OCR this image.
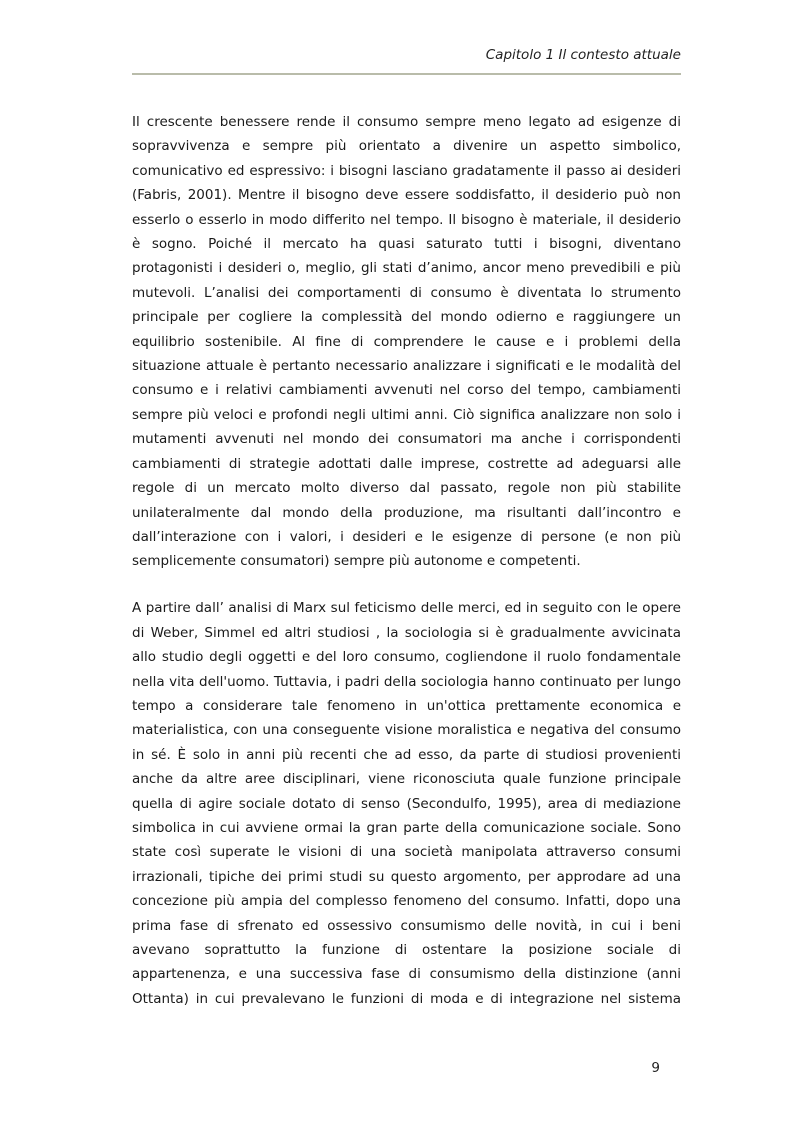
Capitolo 1 Il contesto attuale

Il crescente benessere rende il consumo sempre meno legato ad esigenze di
sopravvivenza e sempre più orientato a divenire un aspetto simbolico,
comunicativo ed espressivo: i bisogni lasciano gradatamente il passo ai desideri
(Fabris, 2001). Mentre il bisogno deve essere soddisfatto, il desiderio può non
esserlo o esserlo in modo differito nel tempo. Il bisogno è materiale, il desiderio
è sogno. Poiché il mercato ha quasi saturato tutti i bisogni, diventano
protagonisti i desideri o, meglio, gli stati d’animo, ancor meno prevedibili e più
mutevoli. L’analisi dei comportamenti di consumo è diventata lo strumento
principale per cogliere la complessità del mondo odierno e raggiungere un
equilibrio sostenibile. Al fine di comprendere le cause e i problemi della
situazione attuale è pertanto necessario analizzare i significati e le modalità del
consumo e i relativi cambiamenti avvenuti nel corso del tempo, cambiamenti
sempre più veloci e profondi negli ultimi anni. Ciò significa analizzare non solo i
mutamenti avvenuti nel mondo dei consumatori ma anche i corrispondenti
cambiamenti di strategie adottati dalle imprese, costrette ad adeguarsi alle
regole di un mercato molto diverso dal passato, regole non più stabilite
unilateralmente dal mondo della produzione, ma risultanti dall’incontro e
dall’interazione con i valori, i desideri e le esigenze di persone (e non più
semplicemente consumatori) sempre più autonome e competenti.

A partire dall’ analisi di Marx sul feticismo delle merci, ed in seguito con le opere
di Weber, Simmel ed altri studiosi , la sociologia si è gradualmente avvicinata
allo studio degli oggetti e del loro consumo, cogliendone il ruolo fondamentale
nella vita dell'uomo. Tuttavia, i padri della sociologia hanno continuato per lungo
tempo a considerare tale fenomeno in un'ottica prettamente economica e
materialistica, con una conseguente visione moralistica e negativa del consumo
in sé. È solo in anni più recenti che ad esso, da parte di studiosi provenienti
anche da altre aree disciplinari, viene riconosciuta quale funzione principale
quella di agire sociale dotato di senso (Secondulfo, 1995), area di mediazione
simbolica in cui avviene ormai la gran parte della comunicazione sociale. Sono
state così superate le visioni di una società manipolata attraverso consumi
irrazionali, tipiche dei primi studi su questo argomento, per approdare ad una
concezione più ampia del complesso fenomeno del consumo. Infatti, dopo una
prima fase di sfrenato ed ossessivo consumismo delle novità, in cui i beni
avevano soprattutto la funzione di ostentare la posizione sociale di
appartenenza, e una successiva fase di consumismo della distinzione (anni
Ottanta) in cui prevalevano le funzioni di moda e di integrazione nel sistema

9
